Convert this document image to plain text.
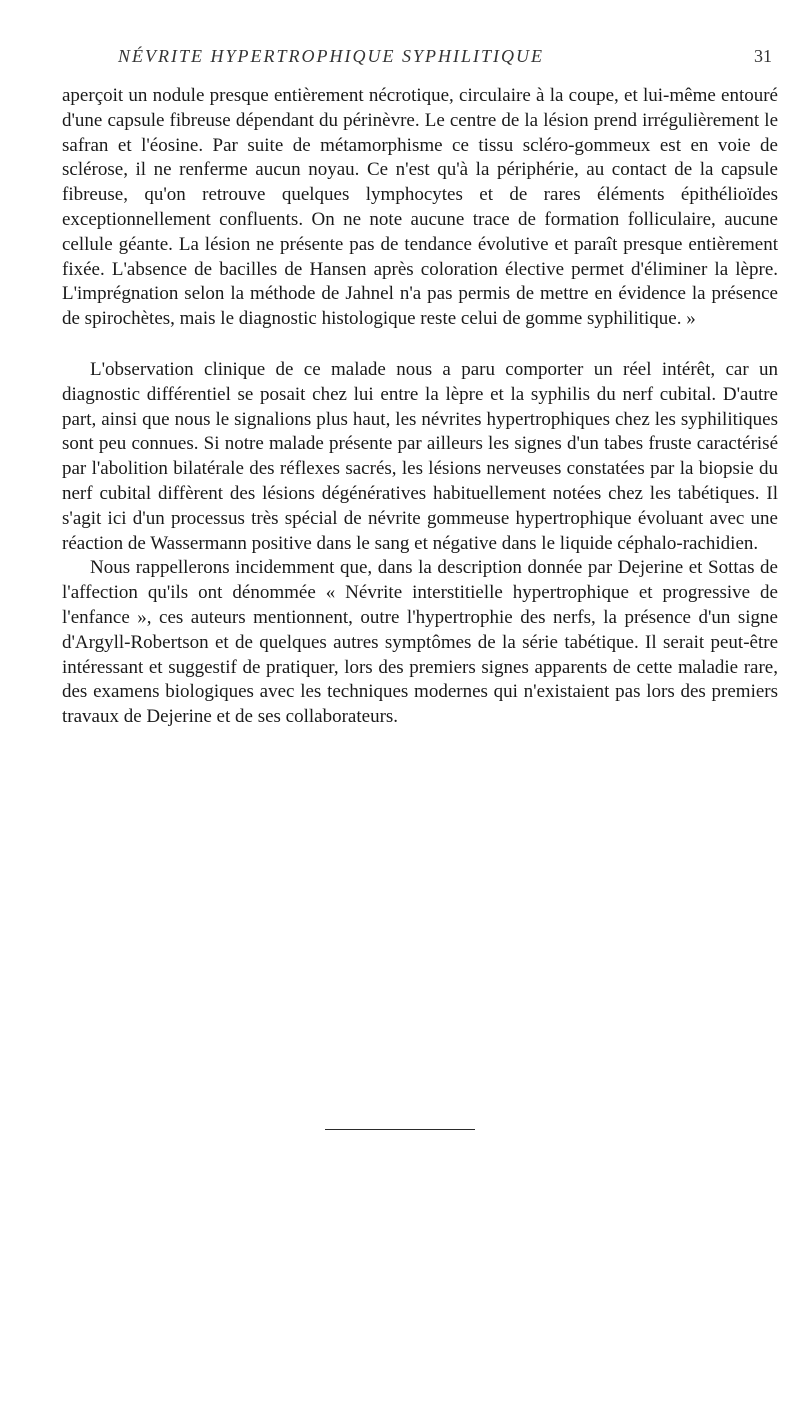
NÉVRITE HYPERTROPHIQUE SYPHILITIQUE	31

aperçoit un nodule presque entièrement nécrotique, circulaire à la coupe, et lui-même entouré d'une capsule fibreuse dépendant du périnèvre. Le centre de la lésion prend irrégulièrement le safran et l'éosine. Par suite de métamorphisme ce tissu scléro-gommeux est en voie de sclérose, il ne renferme aucun noyau. Ce n'est qu'à la périphérie, au contact de la capsule fibreuse, qu'on retrouve quelques lymphocytes et de rares éléments épithélioïdes exceptionnellement confluents. On ne note aucune trace de formation folliculaire, aucune cellule géante. La lésion ne présente pas de tendance évolutive et paraît presque entièrement fixée. L'absence de bacilles de Hansen après coloration élective permet d'éliminer la lèpre. L'imprégnation selon la méthode de Jahnel n'a pas permis de mettre en évidence la présence de spirochètes, mais le diagnostic histologique reste celui de gomme syphilitique. »

L'observation clinique de ce malade nous a paru comporter un réel intérêt, car un diagnostic différentiel se posait chez lui entre la lèpre et la syphilis du nerf cubital. D'autre part, ainsi que nous le signalions plus haut, les névrites hypertrophiques chez les syphilitiques sont peu connues. Si notre malade présente par ailleurs les signes d'un tabes fruste caractérisé par l'abolition bilatérale des réflexes sacrés, les lésions nerveuses constatées par la biopsie du nerf cubital diffèrent des lésions dégénératives habituellement notées chez les tabétiques. Il s'agit ici d'un processus très spécial de névrite gommeuse hypertrophique évoluant avec une réaction de Wassermann positive dans le sang et négative dans le liquide céphalo-rachidien.

Nous rappellerons incidemment que, dans la description donnée par Dejerine et Sottas de l'affection qu'ils ont dénommée « Névrite interstitielle hypertrophique et progressive de l'enfance », ces auteurs mentionnent, outre l'hypertrophie des nerfs, la présence d'un signe d'Argyll-Robertson et de quelques autres symptômes de la série tabétique. Il serait peut-être intéressant et suggestif de pratiquer, lors des premiers signes apparents de cette maladie rare, des examens biologiques avec les techniques modernes qui n'existaient pas lors des premiers travaux de Dejerine et de ses collaborateurs.
